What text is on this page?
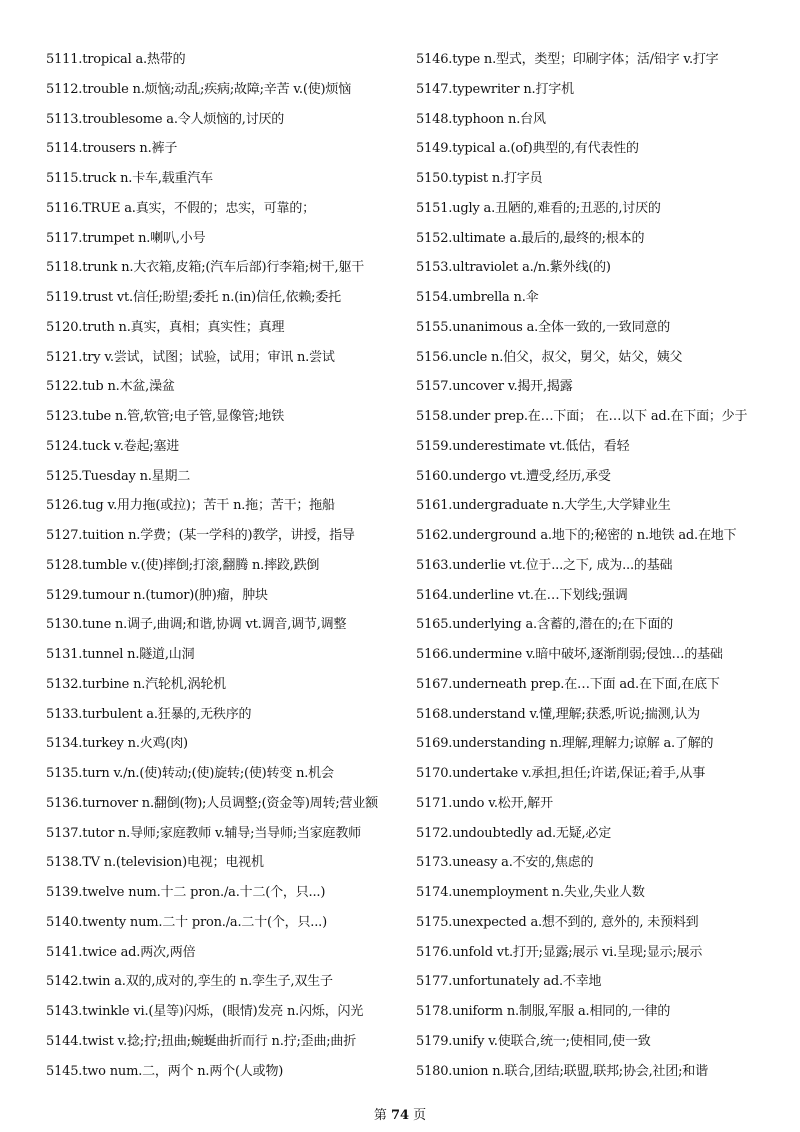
5111.tropical a.热带的
5112.trouble n.烦恼;动乱;疾病;故障;辛苦 v.(使)烦恼
5113.troublesome a.令人烦恼的,讨厌的
5114.trousers n.裤子
5115.truck n.卡车,载重汽车
5116.TRUE a.真实，不假的；忠实，可靠的；
5117.trumpet n.喇叭,小号
5118.trunk n.大衣箱,皮箱;(汽车后部)行李箱;树干,躯干
5119.trust vt.信任;盼望;委托 n.(in)信任,依赖;委托
5120.truth n.真实，真相；真实性；真理
5121.try v.尝试，试图；试验，试用；审讯 n.尝试
5122.tub n.木盆,澡盆
5123.tube n.管,软管;电子管,显像管;地铁
5124.tuck v.卷起;塞进
5125.Tuesday n.星期二
5126.tug v.用力拖(或拉)；苦干 n.拖；苦干；拖船
5127.tuition n.学费；(某一学科的)教学，讲授，指导
5128.tumble v.(使)摔倒;打滚,翻腾 n.摔跤,跌倒
5129.tumour n.(tumor)(肿)瘤，肿块
5130.tune n.调子,曲调;和谐,协调 vt.调音,调节,调整
5131.tunnel n.隧道,山洞
5132.turbine n.汽轮机,涡轮机
5133.turbulent a.狂暴的,无秩序的
5134.turkey n.火鸡(肉)
5135.turn v./n.(使)转动;(使)旋转;(使)转变 n.机会
5136.turnover n.翻倒(物);人员调整;(资金等)周转;营业额
5137.tutor n.导师;家庭教师 v.辅导;当导师;当家庭教师
5138.TV n.(television)电视；电视机
5139.twelve num.十二 pron./a.十二(个，只...)
5140.twenty num.二十 pron./a.二十(个，只...)
5141.twice ad.两次,两倍
5142.twin a.双的,成对的,孪生的 n.孪生子,双生子
5143.twinkle vi.(星等)闪烁，(眼情)发亮 n.闪烁，闪光
5144.twist v.捻;拧;扭曲;蜿蜒曲折而行 n.拧;歪曲;曲折
5145.two num.二，两个 n.两个(人或物)
5146.type n.型式，类型；印刷字体；活/铅字 v.打字
5147.typewriter n.打字机
5148.typhoon n.台风
5149.typical a.(of)典型的,有代表性的
5150.typist n.打字员
5151.ugly a.丑陋的,难看的;丑恶的,讨厌的
5152.ultimate a.最后的,最终的;根本的
5153.ultraviolet a./n.紫外线(的)
5154.umbrella n.伞
5155.unanimous a.全体一致的,一致同意的
5156.uncle n.伯父，叔父，舅父，姑父，姨父
5157.uncover v.揭开,揭露
5158.under prep.在…下面； 在…以下 ad.在下面；少于
5159.underestimate vt.低估，看轻
5160.undergo vt.遭受,经历,承受
5161.undergraduate n.大学生,大学肄业生
5162.underground a.地下的;秘密的 n.地铁 ad.在地下
5163.underlie vt.位于...之下, 成为...的基础
5164.underline vt.在…下划线;强调
5165.underlying a.含蓄的,潜在的;在下面的
5166.undermine v.暗中破坏,逐渐削弱;侵蚀…的基础
5167.underneath prep.在…下面 ad.在下面,在底下
5168.understand v.懂,理解;获悉,听说;揣测,认为
5169.understanding n.理解,理解力;谅解 a.了解的
5170.undertake v.承担,担任;许诺,保证;着手,从事
5171.undo v.松开,解开
5172.undoubtedly ad.无疑,必定
5173.uneasy a.不安的,焦虑的
5174.unemployment n.失业,失业人数
5175.unexpected a.想不到的, 意外的, 未预料到
5176.unfold vt.打开;显露;展示 vi.呈现;显示;展示
5177.unfortunately ad.不幸地
5178.uniform n.制服,军服 a.相同的,一律的
5179.unify v.使联合,统一;使相同,使一致
5180.union n.联合,团结;联盟,联邦;协会,社团;和谐
第 74 页
